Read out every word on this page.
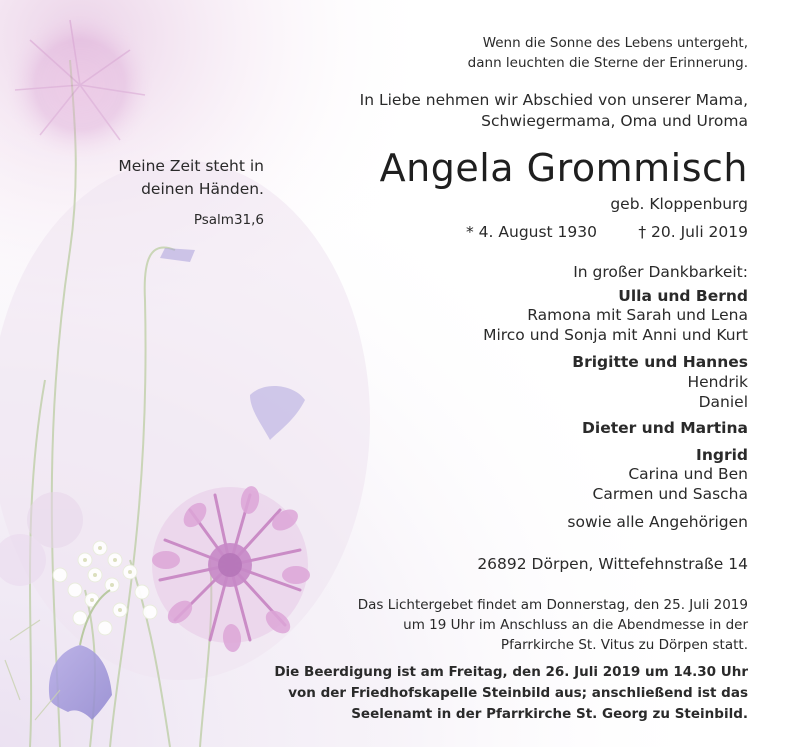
Wenn die Sonne des Lebens untergeht,
dann leuchten die Sterne der Erinnerung.
In Liebe nehmen wir Abschied von unserer Mama,
Schwiegermama, Oma und Uroma
Meine Zeit steht in
deinen Händen.
Psalm31,6
Angela Grommisch
geb. Kloppenburg
* 4. August 1930	† 20. Juli 2019
In großer Dankbarkeit:
Ulla und Bernd
Ramona mit Sarah und Lena
Mirco und Sonja mit Anni und Kurt
Brigitte und Hannes
Hendrik
Daniel
Dieter und Martina
Ingrid
Carina und Ben
Carmen und Sascha
sowie alle Angehörigen
26892 Dörpen, Wittefehnstraße 14
Das Lichtergebet findet am Donnerstag, den 25. Juli 2019
um 19 Uhr im Anschluss an die Abendmesse in der
Pfarrkirche St. Vitus zu Dörpen statt.
Die Beerdigung ist am Freitag, den 26. Juli 2019 um 14.30 Uhr
von der Friedhofskapelle Steinbild aus; anschließend ist das
Seelenamt in der Pfarrkirche St. Georg zu Steinbild.
